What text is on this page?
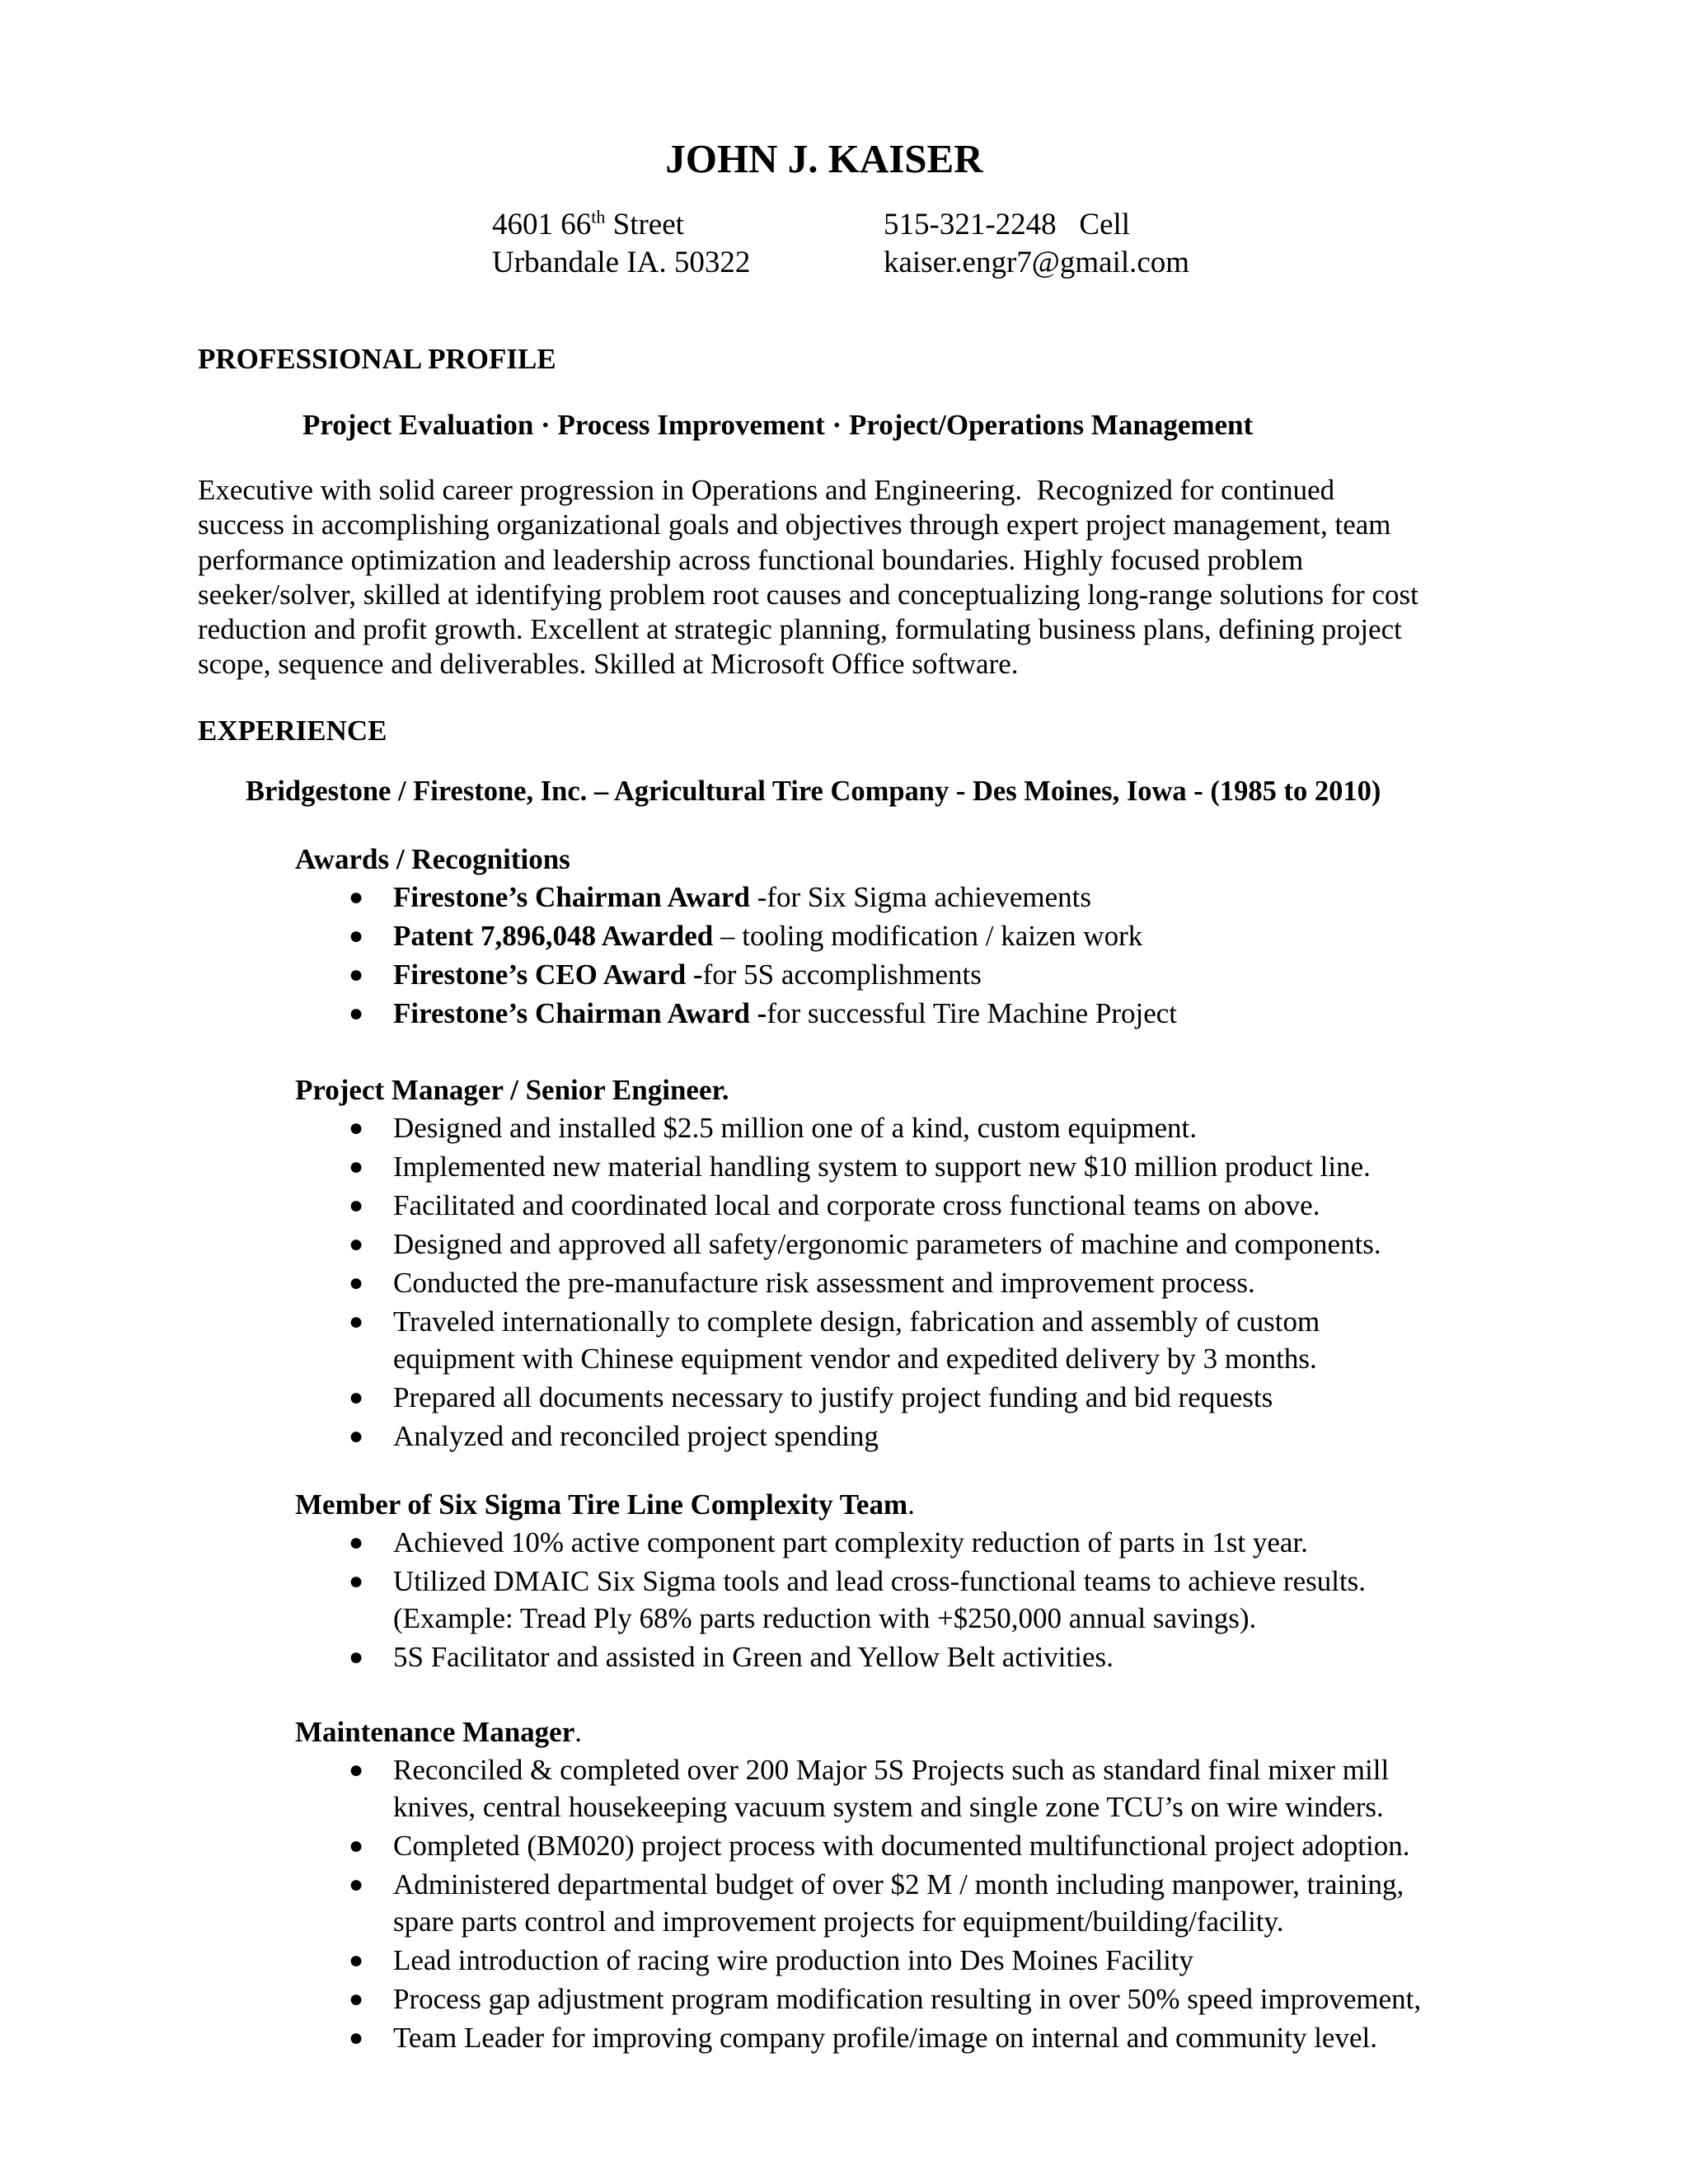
JOHN J. KAISER
4601 66th Street	515-321-2248   Cell
Urbandale IA. 50322	kaiser.engr7@gmail.com
PROFESSIONAL PROFILE
Project Evaluation · Process Improvement · Project/Operations Management
Executive with solid career progression in Operations and Engineering.  Recognized for continued
success in accomplishing organizational goals and objectives through expert project management, team
performance optimization and leadership across functional boundaries. Highly focused problem
seeker/solver, skilled at identifying problem root causes and conceptualizing long-range solutions for cost
reduction and profit growth. Excellent at strategic planning, formulating business plans, defining project
scope, sequence and deliverables. Skilled at Microsoft Office software.
EXPERIENCE
Bridgestone / Firestone, Inc. – Agricultural Tire Company - Des Moines, Iowa - (1985 to 2010)
Awards / Recognitions
● Firestone’s Chairman Award -for Six Sigma achievements
● Patent 7,896,048 Awarded – tooling modification / kaizen work
● Firestone’s CEO Award -for 5S accomplishments
● Firestone’s Chairman Award -for successful Tire Machine Project
Project Manager / Senior Engineer.
● Designed and installed $2.5 million one of a kind, custom equipment.
● Implemented new material handling system to support new $10 million product line.
● Facilitated and coordinated local and corporate cross functional teams on above.
● Designed and approved all safety/ergonomic parameters of machine and components.
● Conducted the pre-manufacture risk assessment and improvement process.
● Traveled internationally to complete design, fabrication and assembly of custom
equipment with Chinese equipment vendor and expedited delivery by 3 months.
● Prepared all documents necessary to justify project funding and bid requests
● Analyzed and reconciled project spending
Member of Six Sigma Tire Line Complexity Team.
● Achieved 10% active component part complexity reduction of parts in 1st year.
● Utilized DMAIC Six Sigma tools and lead cross-functional teams to achieve results.
(Example: Tread Ply 68% parts reduction with +$250,000 annual savings).
● 5S Facilitator and assisted in Green and Yellow Belt activities.
Maintenance Manager.
● Reconciled & completed over 200 Major 5S Projects such as standard final mixer mill
knives, central housekeeping vacuum system and single zone TCU’s on wire winders.
● Completed (BM020) project process with documented multifunctional project adoption.
● Administered departmental budget of over $2 M / month including manpower, training,
spare parts control and improvement projects for equipment/building/facility.
● Lead introduction of racing wire production into Des Moines Facility
● Process gap adjustment program modification resulting in over 50% speed improvement,
● Team Leader for improving company profile/image on internal and community level.
